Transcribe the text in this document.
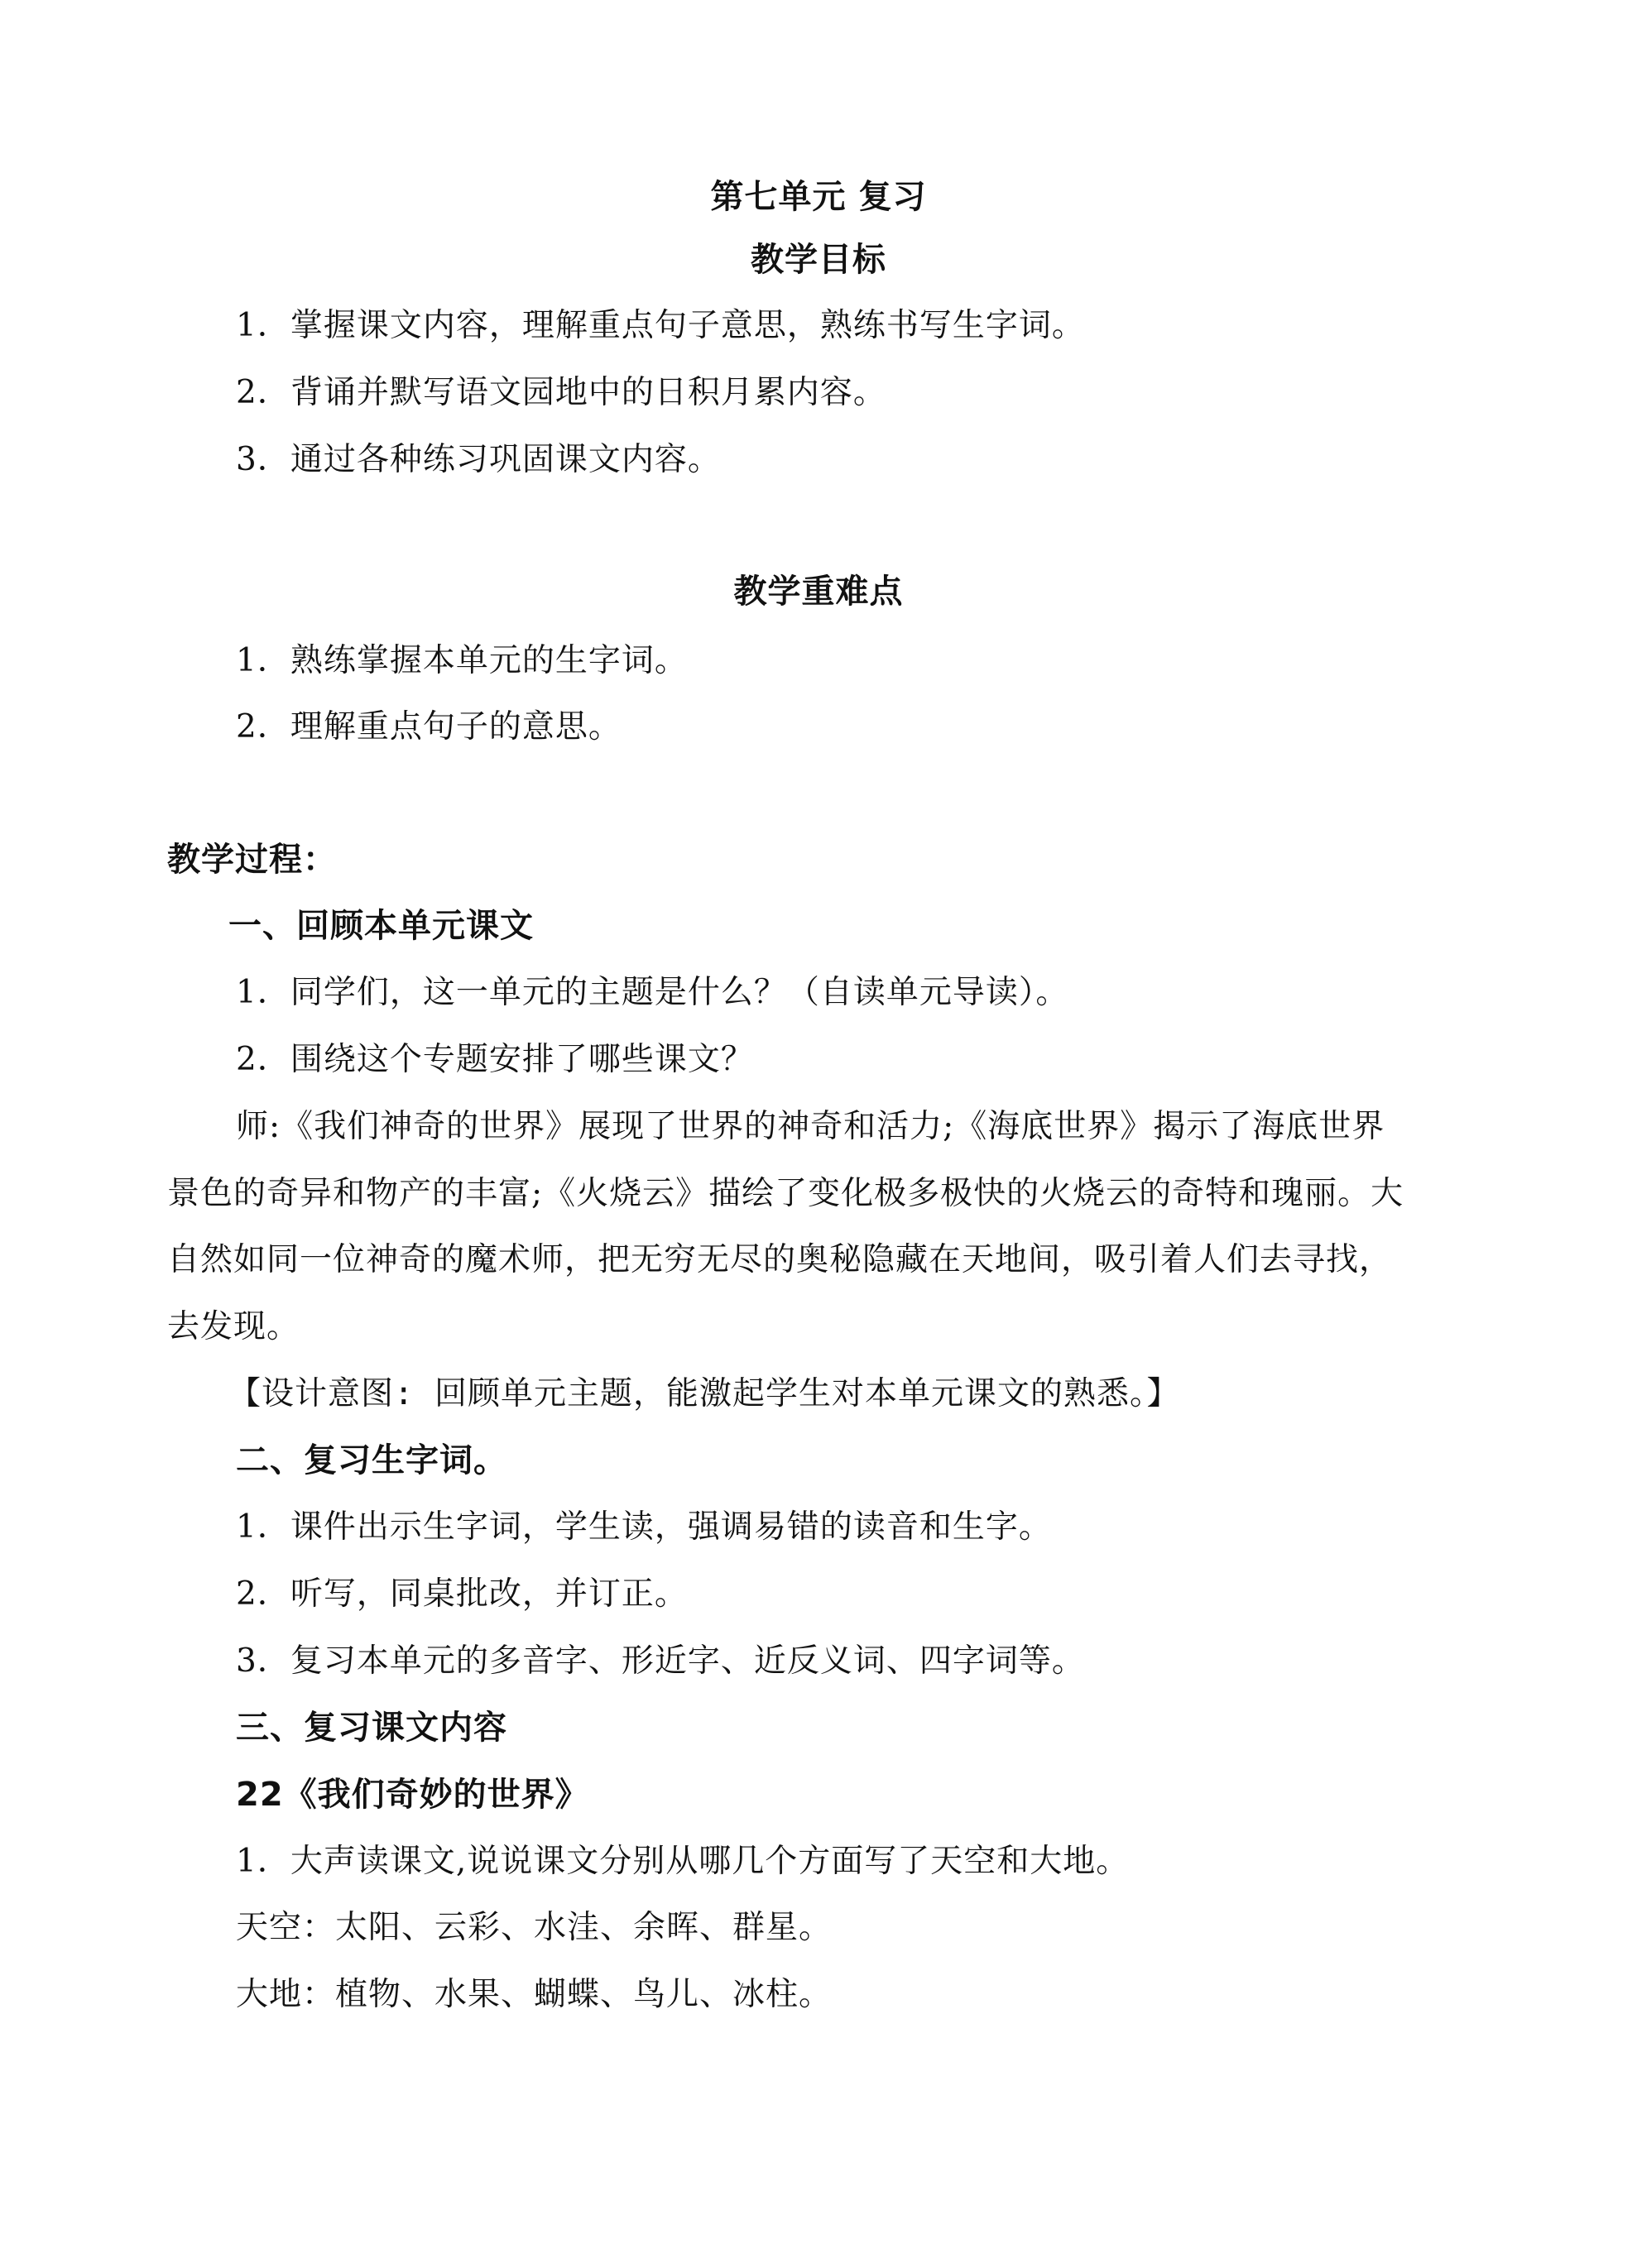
第七单元 复习
教学目标
1．掌握课文内容，理解重点句子意思，熟练书写生字词。
2．背诵并默写语文园地中的日积月累内容。
3．通过各种练习巩固课文内容。
教学重难点
1．熟练掌握本单元的生字词。
2．理解重点句子的意思。
教学过程：
一、回顾本单元课文
1．同学们，这一单元的主题是什么？（自读单元导读）。
2．围绕这个专题安排了哪些课文？
师:《我们神奇的世界》展现了世界的神奇和活力;《海底世界》揭示了海底世界
景色的奇异和物产的丰富;《火烧云》描绘了变化极多极快的火烧云的奇特和瑰丽。大
自然如同一位神奇的魔术师，把无穷无尽的奥秘隐藏在天地间，吸引着人们去寻找，
去发现。
【设计意图: 回顾单元主题，能激起学生对本单元课文的熟悉。】
二、复习生字词。
1．课件出示生字词，学生读，强调易错的读音和生字。
2．听写，同桌批改，并订正。
3．复习本单元的多音字、形近字、近反义词、四字词等。
三、复习课文内容
22《我们奇妙的世界》
1．大声读课文,说说课文分别从哪几个方面写了天空和大地。
天空：太阳、云彩、水洼、余晖、群星。
大地：植物、水果、蝴蝶、鸟儿、冰柱。
